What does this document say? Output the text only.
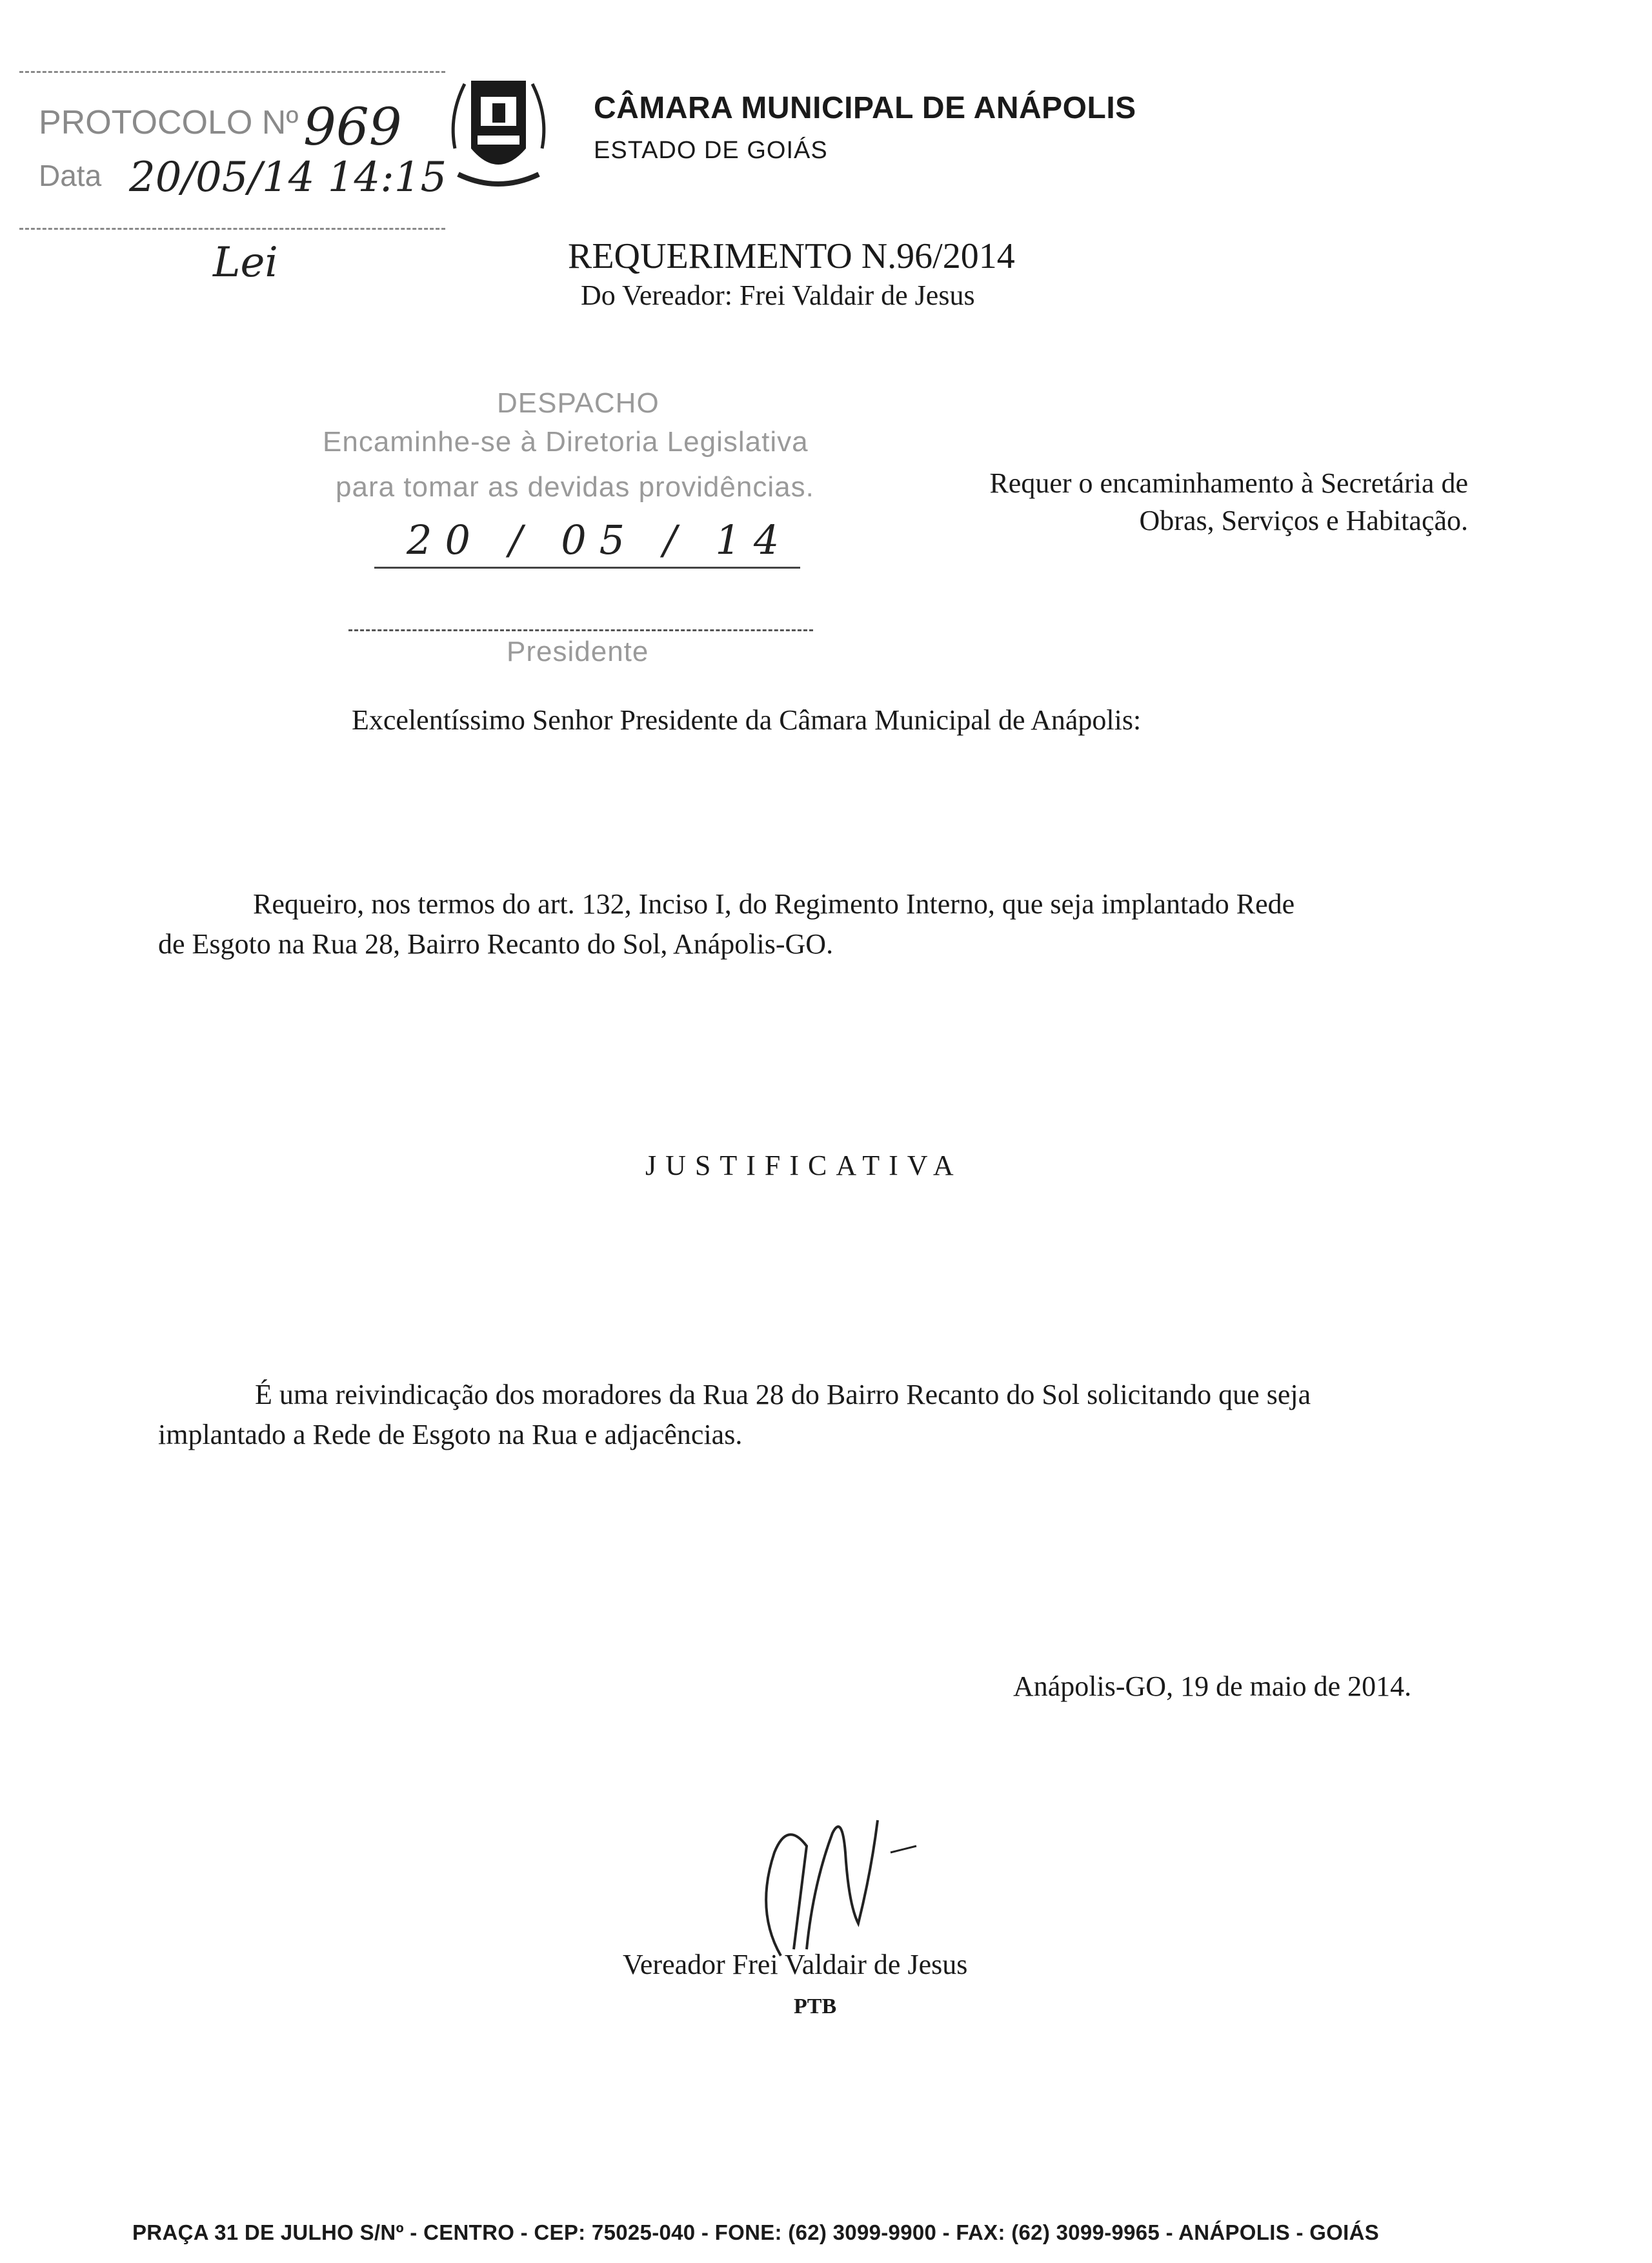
PROTOCOLO Nº 969
Data 20/05/14 14:15
Lei
CÂMARA MUNICIPAL DE ANÁPOLIS
ESTADO DE GOIÁS
REQUERIMENTO N.96/2014
Do Vereador: Frei Valdair de Jesus
DESPACHO
Encaminhe-se à Diretoria Legislativa
para tomar as devidas providências.
20 / 05 / 14
Presidente
Requer o encaminhamento à Secretária de
Obras, Serviços e Habitação.
Excelentíssimo Senhor Presidente da Câmara Municipal de Anápolis:
Requeiro, nos termos do art. 132, Inciso I, do Regimento Interno, que seja implantado Rede
de Esgoto na Rua 28, Bairro Recanto do Sol, Anápolis-GO.
JUSTIFICATIVA
É uma reivindicação dos moradores da Rua 28 do Bairro Recanto do Sol solicitando que seja
implantado a Rede de Esgoto na Rua e adjacências.
Anápolis-GO, 19 de maio de 2014.
Vereador Frei Valdair de Jesus
PTB
PRAÇA 31 DE JULHO S/Nº - CENTRO - CEP: 75025-040 - FONE: (62) 3099-9900 - FAX: (62) 3099-9965 - ANÁPOLIS - GOIÁS
